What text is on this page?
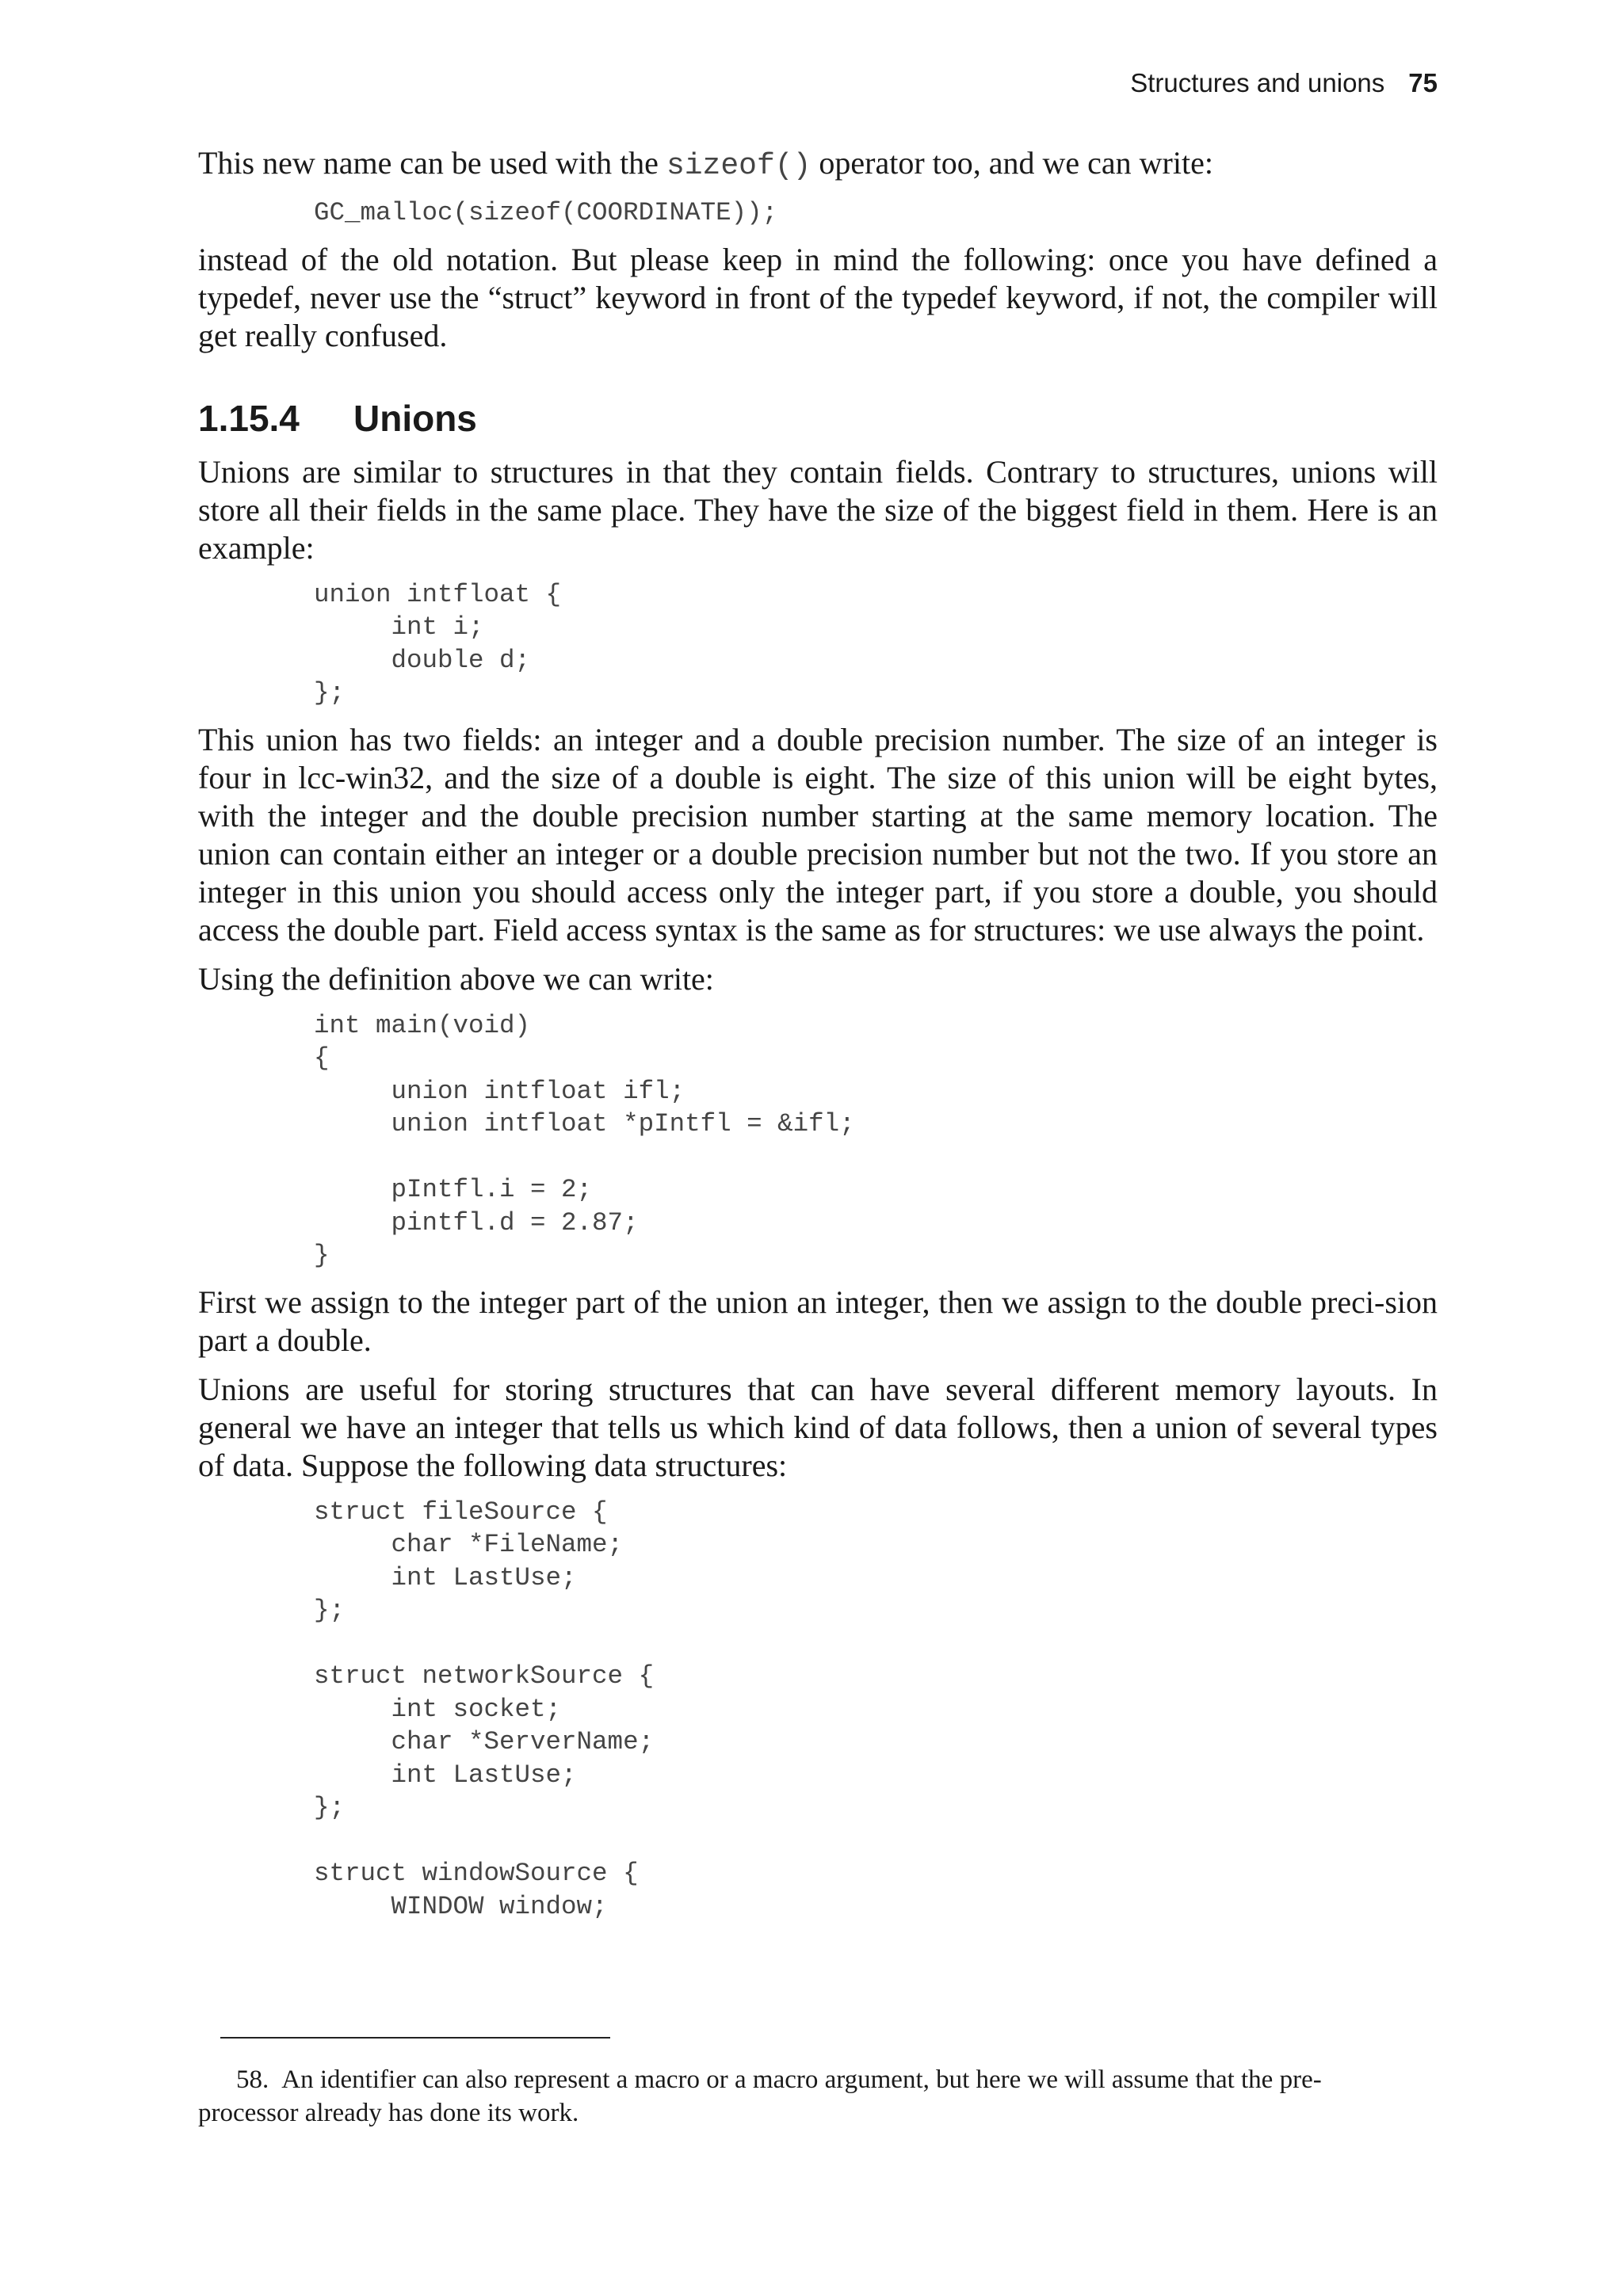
Structures and unions 75

This new name can be used with the sizeof() operator too, and we can write:

GC_malloc(sizeof(COORDINATE));

instead of the old notation. But please keep in mind the following: once you have defined a typedef, never use the “struct” keyword in front of the typedef keyword, if not, the compiler will get really confused.

1.15.4 Unions

Unions are similar to structures in that they contain fields. Contrary to structures, unions will store all their fields in the same place. They have the size of the biggest field in them. Here is an example:

union intfloat {
int i;
double d;
};

This union has two fields: an integer and a double precision number. The size of an integer is four in lcc-win32, and the size of a double is eight. The size of this union will be eight bytes, with the integer and the double precision number starting at the same memory location. The union can contain either an integer or a double precision number but not the two. If you store an integer in this union you should access only the integer part, if you store a double, you should access the double part. Field access syntax is the same as for structures: we use always the point.

Using the definition above we can write:

int main(void)
{
union intfloat ifl;
union intfloat *pIntfl = &ifl;

pIntfl.i = 2;
pintfl.d = 2.87;
}

First we assign to the integer part of the union an integer, then we assign to the double preci-sion part a double.

Unions are useful for storing structures that can have several different memory layouts. In general we have an integer that tells us which kind of data follows, then a union of several types of data. Suppose the following data structures:

struct fileSource {
char *FileName;
int LastUse;
};

struct networkSource {
int socket;
char *ServerName;
int LastUse;
};

struct windowSource {
WINDOW window;

58. An identifier can also represent a macro or a macro argument, but here we will assume that the pre-processor already has done its work.
